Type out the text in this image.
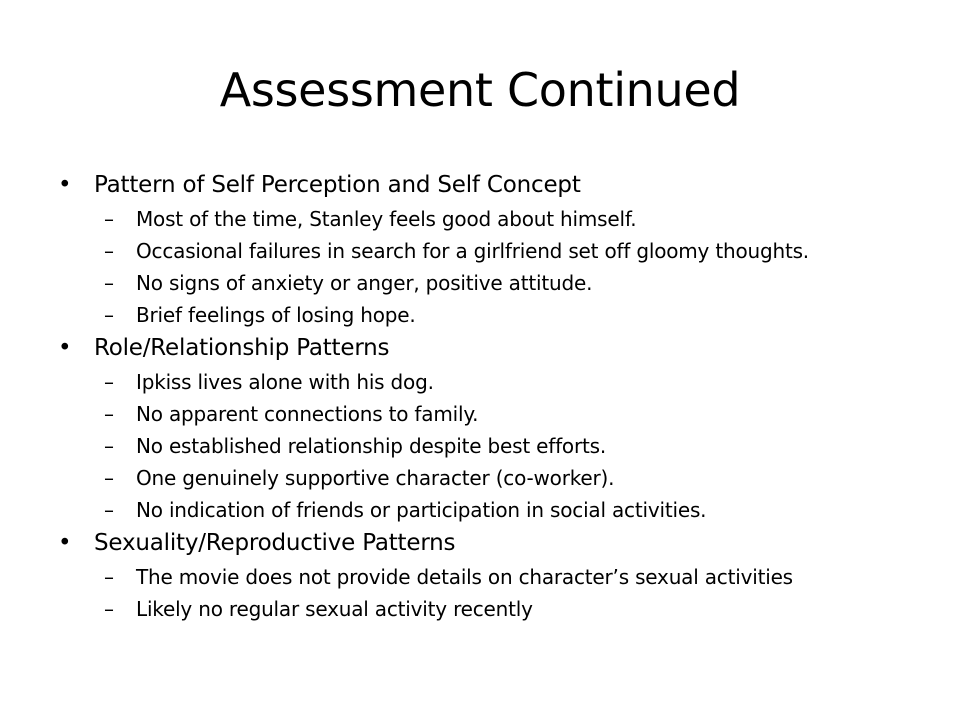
Assessment Continued
• Pattern of Self Perception and Self Concept
– Most of the time, Stanley feels good about himself.
– Occasional failures in search for a girlfriend set off gloomy thoughts.
– No signs of anxiety or anger, positive attitude.
– Brief feelings of losing hope.
• Role/Relationship Patterns
– Ipkiss lives alone with his dog.
– No apparent connections to family.
– No established relationship despite best efforts.
– One genuinely supportive character (co-worker).
– No indication of friends or participation in social activities.
• Sexuality/Reproductive Patterns
– The movie does not provide details on character’s sexual activities
– Likely no regular sexual activity recently
